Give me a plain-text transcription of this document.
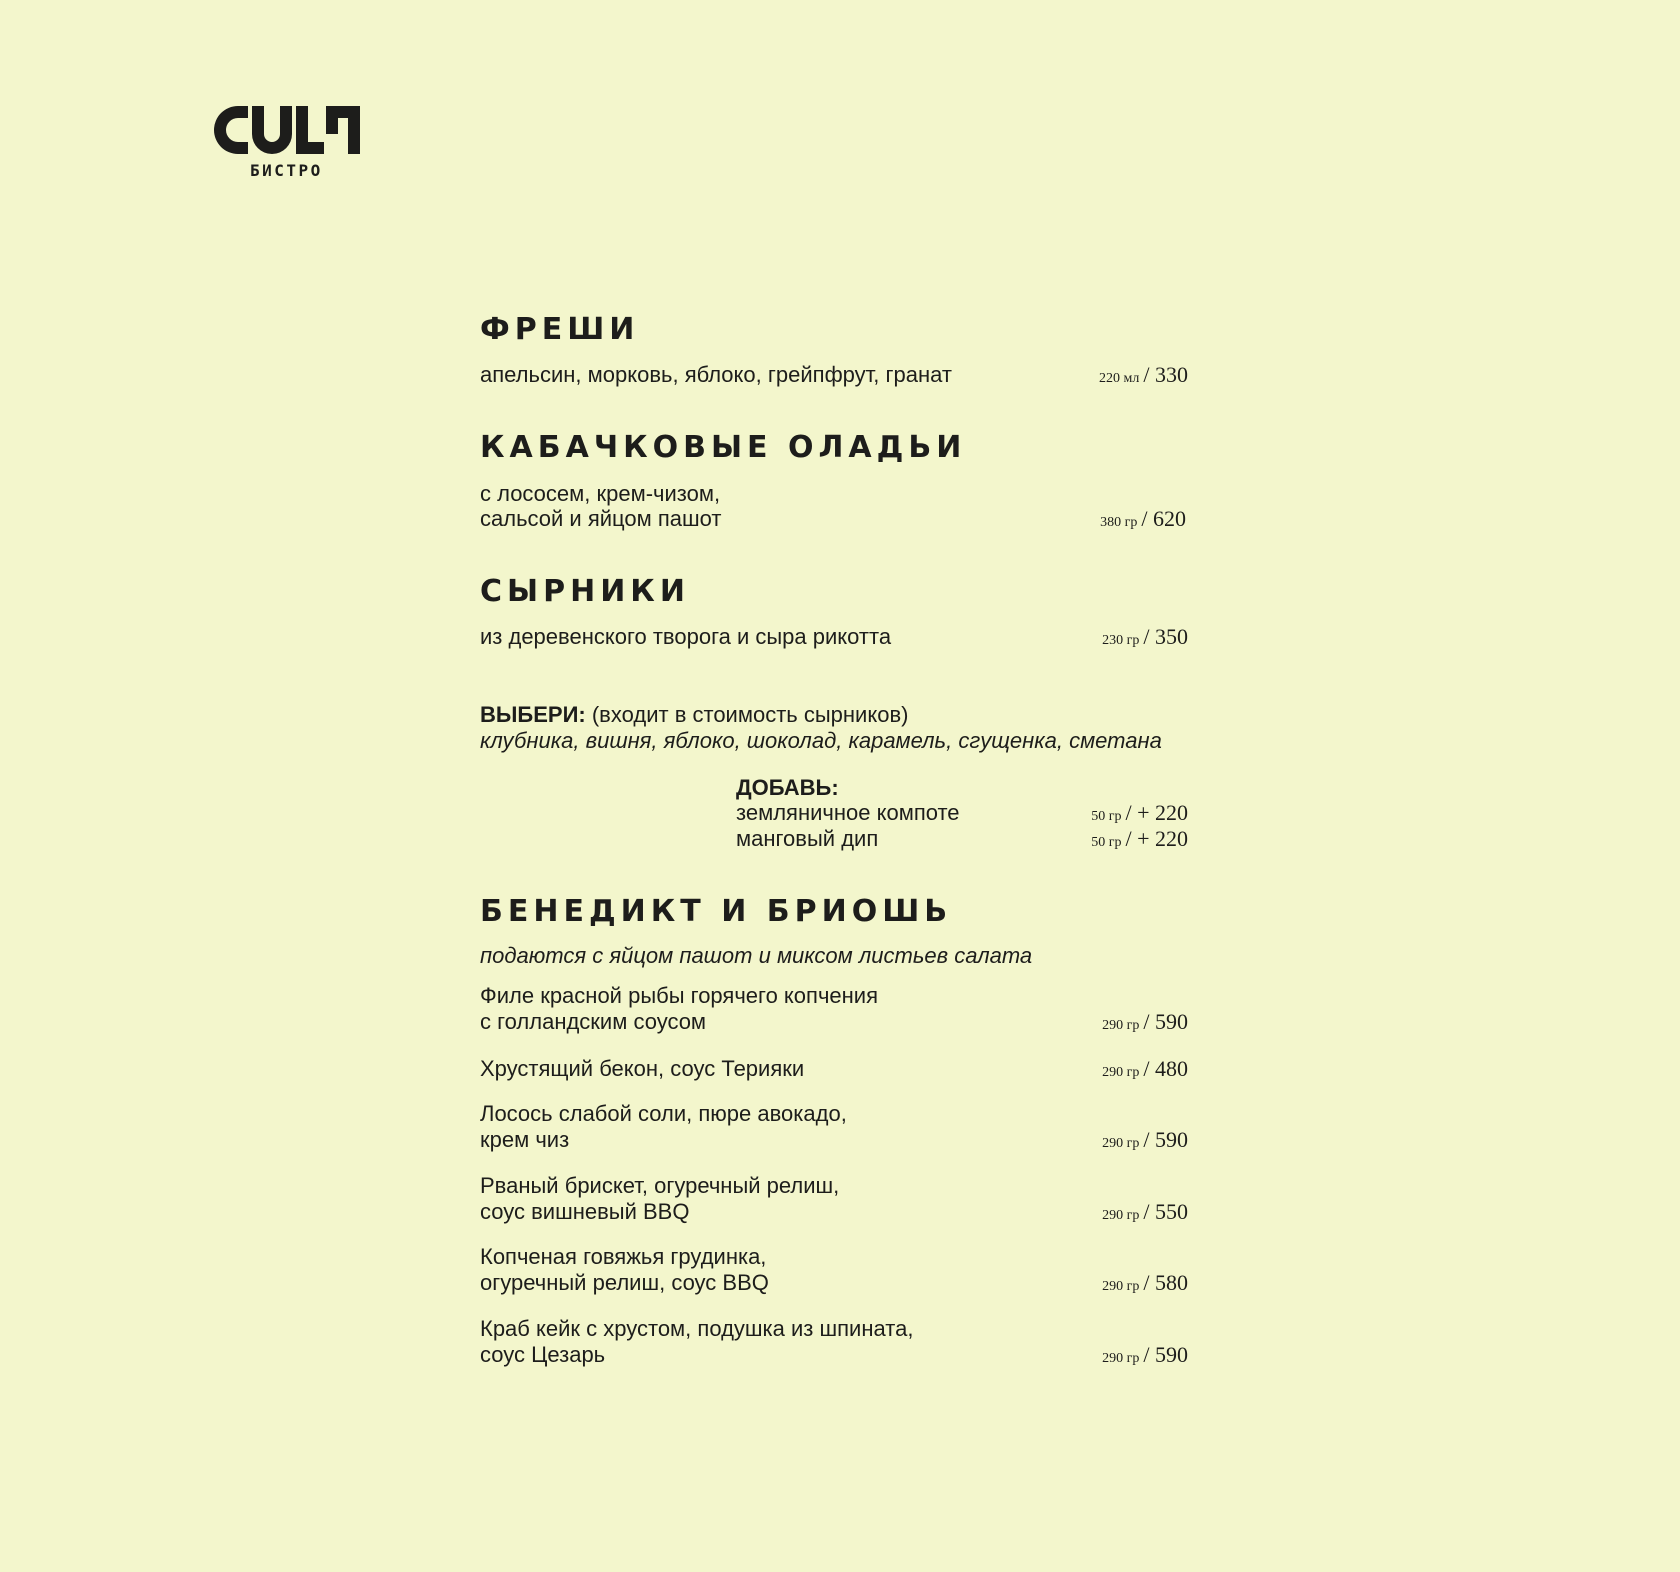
БИСТРО
ФРЕШИ
апельсин, морковь, яблоко, грейпфрут, гранат	220 мл / 330
КАБАЧКОВЫЕ ОЛАДЬИ
с лососем, крем-чизом,
сальсой и яйцом пашот	380 гр / 620
СЫРНИКИ
из деревенского творога и сыра рикотта	230 гр / 350
ВЫБЕРИ: (входит в стоимость сырников)
клубника, вишня, яблоко, шоколад, карамель, сгущенка, сметана
ДОБАВЬ:
земляничное компоте	50 гр / + 220
манговый дип	50 гр / + 220
БЕНЕДИКТ И БРИОШЬ
подаются с яйцом пашот и миксом листьев салата
Филе красной рыбы горячего копчения
с голландским соусом	290 гр / 590
Хрустящий бекон, соус Терияки	290 гр / 480
Лосось слабой соли, пюре авокадо,
крем чиз	290 гр / 590
Рваный брискет, огуречный релиш,
соус вишневый BBQ	290 гр / 550
Копченая говяжья грудинка,
огуречный релиш, соус BBQ	290 гр / 580
Краб кейк с хрустом, подушка из шпината,
соус Цезарь	290 гр / 590
